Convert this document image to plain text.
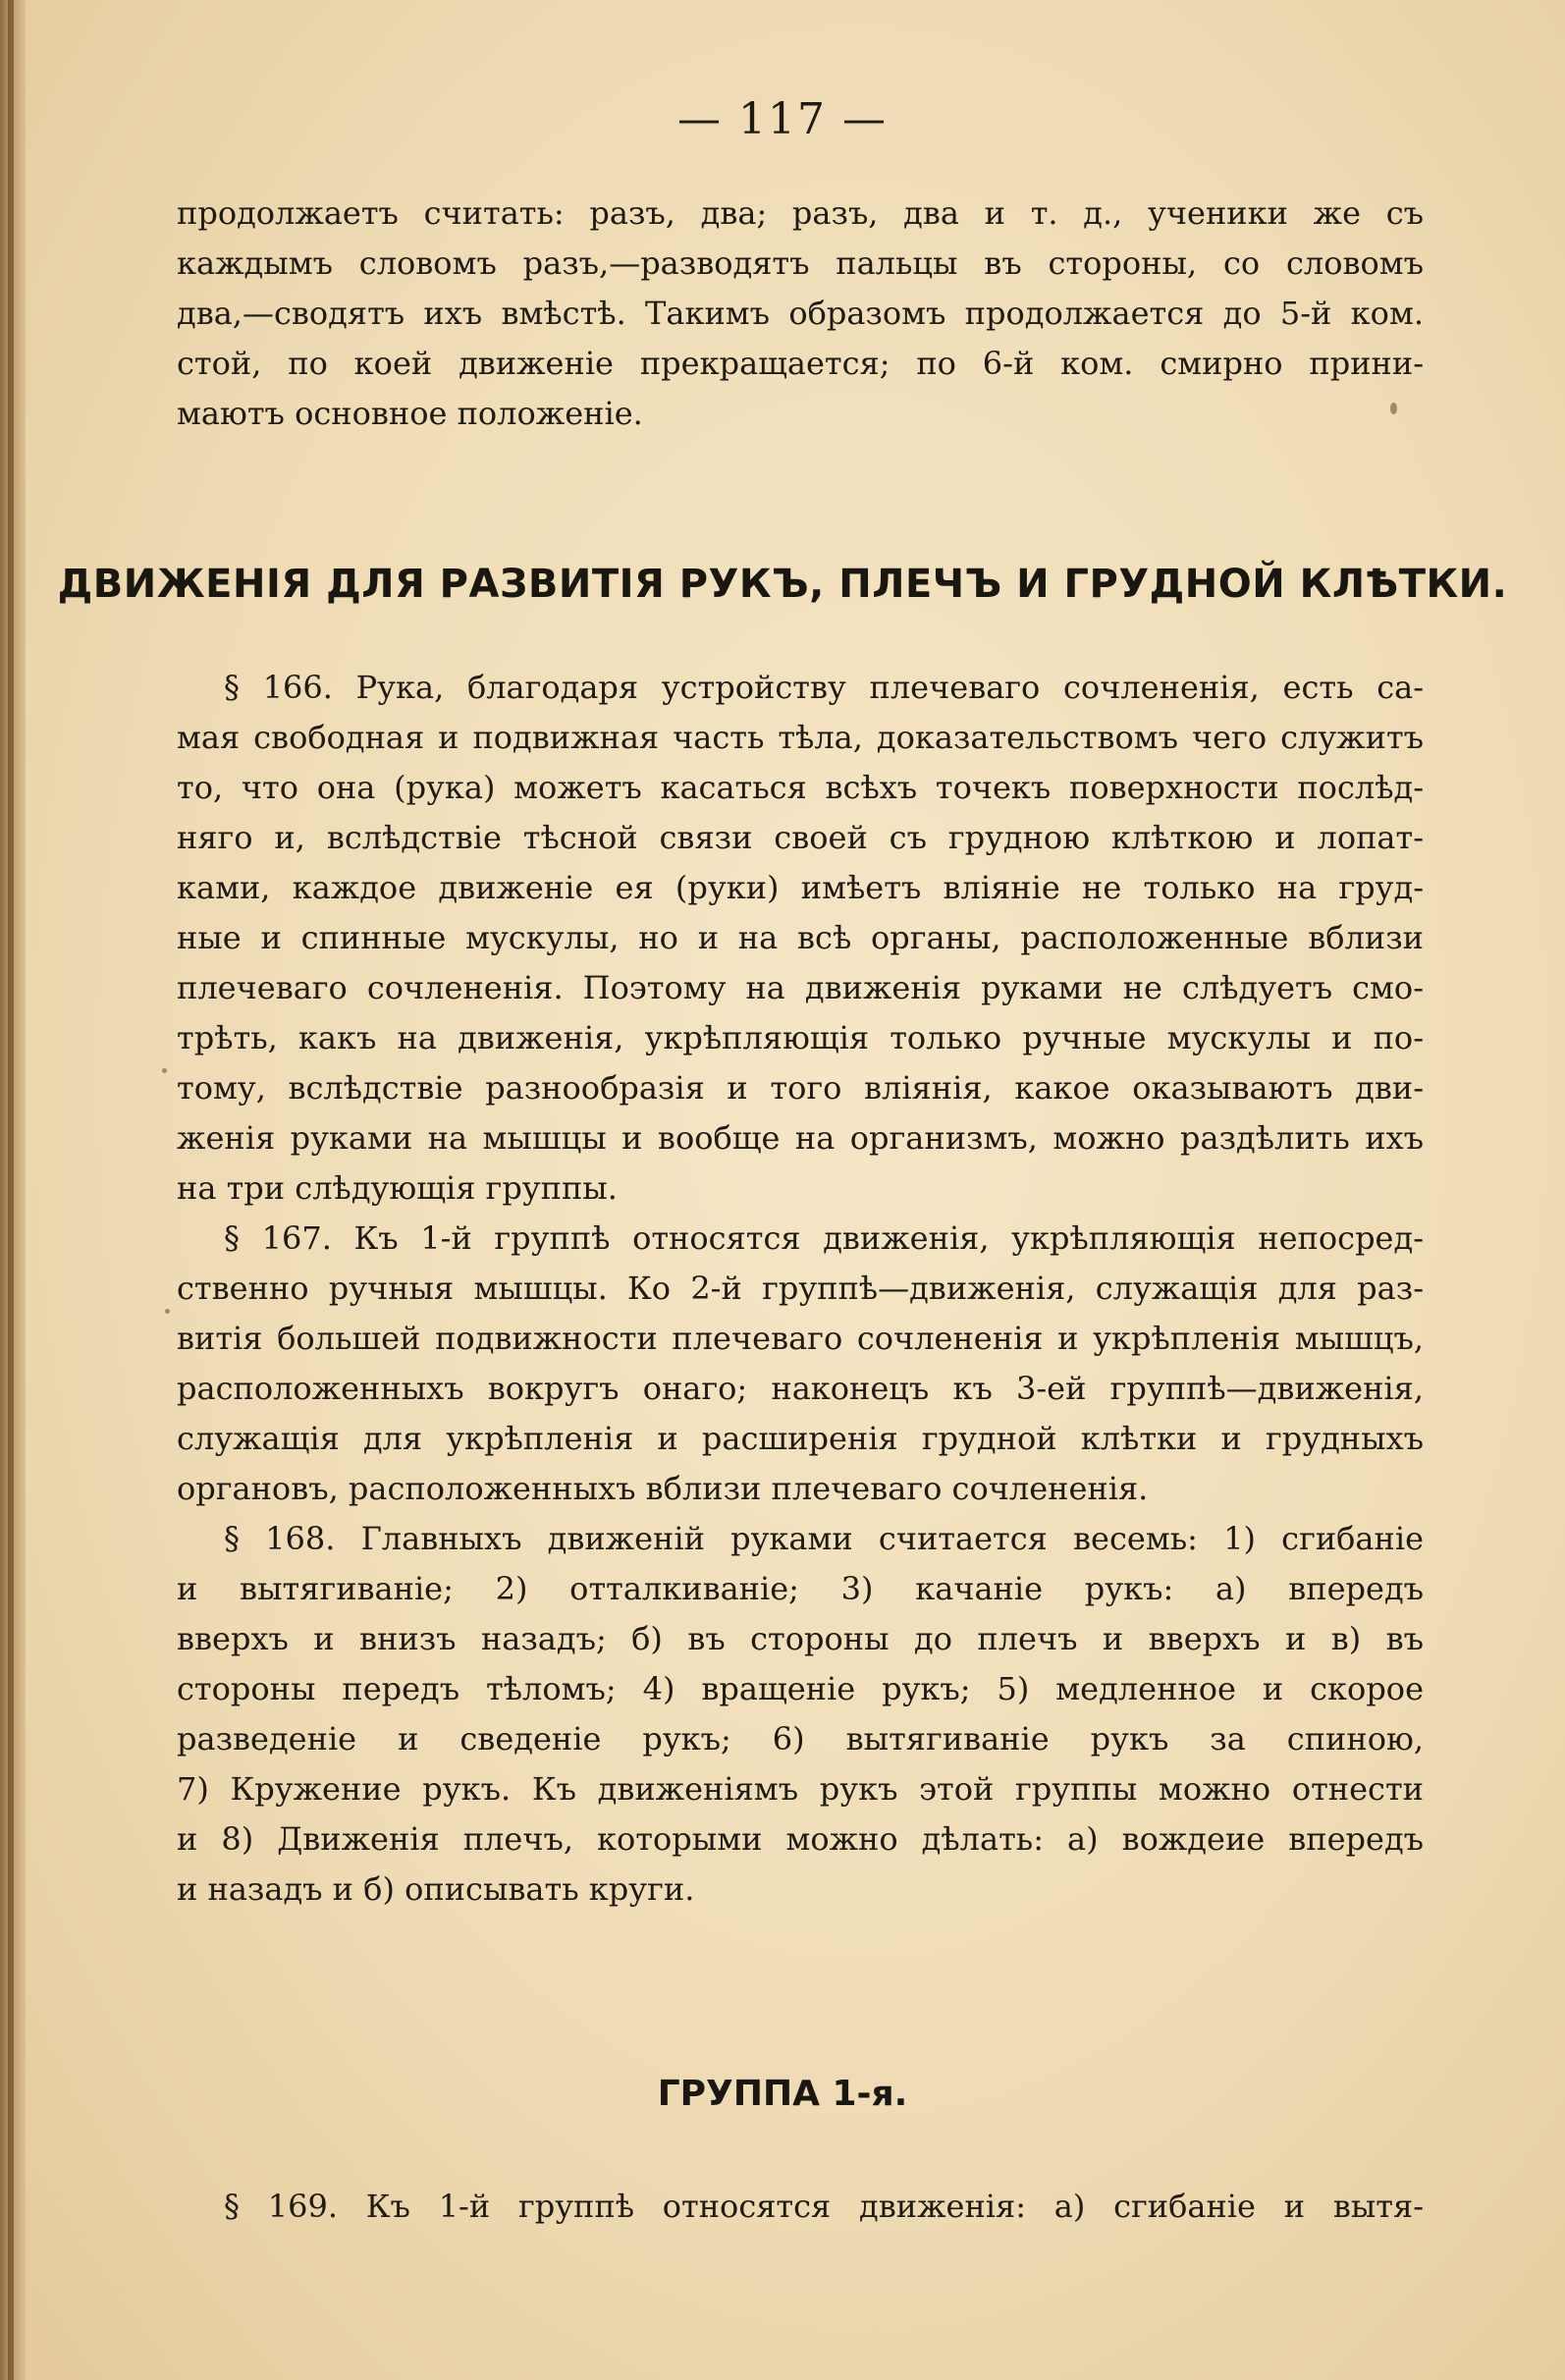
— 117 —

продолжаетъ считать: разъ, два; разъ, два и т. д., ученики же съ

каждымъ словомъ разъ,—разводятъ пальцы въ стороны, со словомъ

два,—сводятъ ихъ вмѣстѣ. Такимъ образомъ продолжается до 5-й ком.

стой, по коей движеніе прекращается; по 6-й ком. смирно прини-

маютъ основное положеніе.

ДВИЖЕНІЯ ДЛЯ РАЗВИТІЯ РУКЪ, ПЛЕЧЪ И ГРУДНОЙ КЛѢТКИ.

§ 166. Рука, благодаря устройству плечеваго сочлененія, есть са-

мая свободная и подвижная часть тѣла, доказательствомъ чего служитъ

то, что она (рука) можетъ касаться всѣхъ точекъ поверхности послѣд-

няго и, вслѣдствіе тѣсной связи своей съ грудною клѣткою и лопат-

ками, каждое движеніе ея (руки) имѣетъ вліяніе не только на груд-

ные и спинные мускулы, но и на всѣ органы, расположенные вблизи

плечеваго сочлененія. Поэтому на движенія руками не слѣдуетъ смо-

трѣть, какъ на движенія, укрѣпляющія только ручные мускулы и по-

тому, вслѣдствіе разнообразія и того вліянія, какое оказываютъ дви-

женія руками на мышцы и вообще на организмъ, можно раздѣлить ихъ

на три слѣдующія группы.

§ 167. Къ 1-й группѣ относятся движенія, укрѣпляющія непосред-

ственно ручныя мышцы. Ко 2-й группѣ—движенія, служащія для раз-

витія большей подвижности плечеваго сочлененія и укрѣпленія мышцъ,

расположенныхъ вокругъ онаго; наконецъ къ 3-ей группѣ—движенія,

служащія для укрѣпленія и расширенія грудной клѣтки и грудныхъ

органовъ, расположенныхъ вблизи плечеваго сочлененія.

§ 168. Главныхъ движеній руками считается весемь: 1) сгибаніе

и вытягиваніе; 2) отталкиваніе; 3) качаніе рукъ: а) впередъ

вверхъ и внизъ назадъ; б) въ стороны до плечъ и вверхъ и в) въ

стороны передъ тѣломъ; 4) вращеніе рукъ; 5) медленное и скорое

разведеніе и сведеніе рукъ; 6) вытягиваніе рукъ за спиною,

7) Кружение рукъ. Къ движеніямъ рукъ этой группы можно отнести

и 8) Движенія плечъ, которыми можно дѣлать: а) вождеие впередъ

и назадъ и б) описывать круги.

ГРУППА 1-я.

§ 169. Къ 1-й группѣ относятся движенія: а) сгибаніе и вытя-
